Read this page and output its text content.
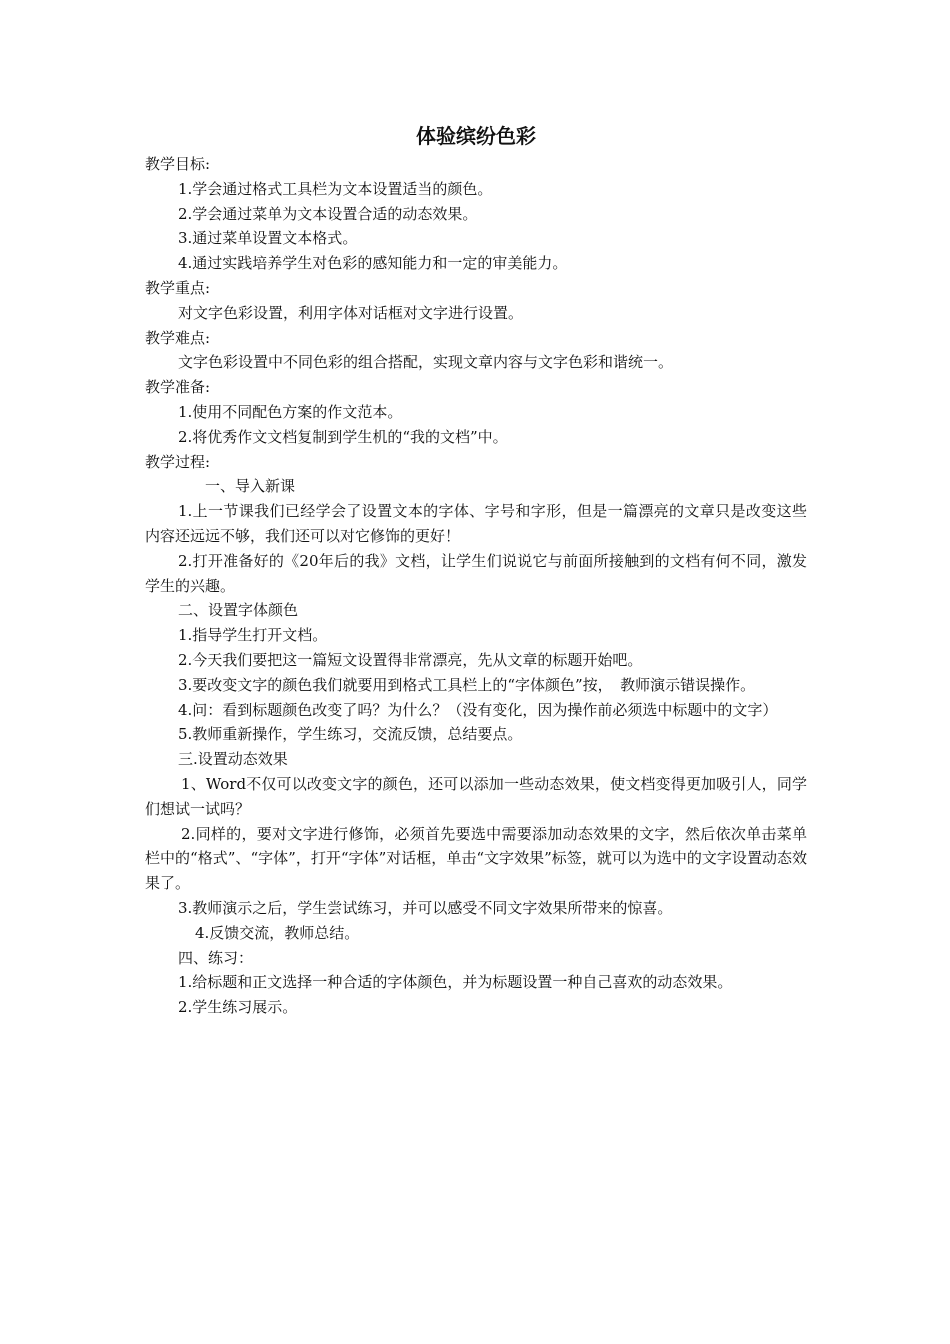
体验缤纷色彩

教学目标:

1.学会通过格式工具栏为文本设置适当的颜色。

2.学会通过菜单为文本设置合适的动态效果。

3.通过菜单设置文本格式。

4.通过实践培养学生对色彩的感知能力和一定的审美能力。

教学重点:

对文字色彩设置，利用字体对话框对文字进行设置。

教学难点:

文字色彩设置中不同色彩的组合搭配，实现文章内容与文字色彩和谐统一。

教学准备:

1.使用不同配色方案的作文范本。

2.将优秀作文文档复制到学生机的“我的文档”中。

教学过程:

一、导入新课

1.上一节课我们已经学会了设置文本的字体、字号和字形，但是一篇漂亮的文章只是改变这些内容还远远不够，我们还可以对它修饰的更好！

2.打开准备好的《20年后的我》文档，让学生们说说它与前面所接触到的文档有何不同，激发学生的兴趣。

二、设置字体颜色

1.指导学生打开文档。

2.今天我们要把这一篇短文设置得非常漂亮，先从文章的标题开始吧。

3.要改变文字的颜色我们就要用到格式工具栏上的“字体颜色”按，　教师演示错误操作。

4.问：看到标题颜色改变了吗？为什么？（没有变化，因为操作前必须选中标题中的文字）

5.教师重新操作，学生练习，交流反馈，总结要点。

三.设置动态效果

1、Word不仅可以改变文字的颜色，还可以添加一些动态效果，使文档变得更加吸引人，同学们想试一试吗？

2.同样的，要对文字进行修饰，必须首先要选中需要添加动态效果的文字，然后依次单击菜单栏中的“格式”、“字体”，打开“字体”对话框，单击“文字效果”标签，就可以为选中的文字设置动态效果了。

3.教师演示之后，学生尝试练习，并可以感受不同文字效果所带来的惊喜。

4.反馈交流，教师总结。

四、练习：

1.给标题和正文选择一种合适的字体颜色，并为标题设置一种自己喜欢的动态效果。

2.学生练习展示。
